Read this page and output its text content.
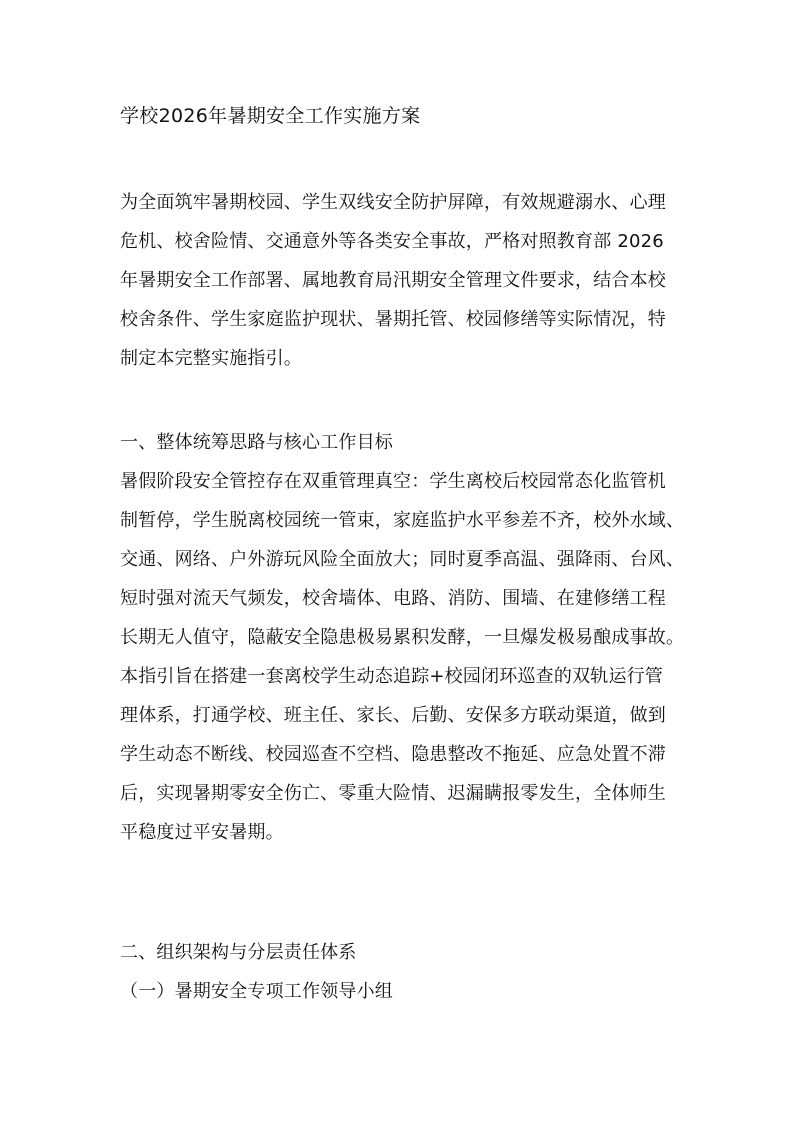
学校2026年暑期安全工作实施方案
为全面筑牢暑期校园、学生双线安全防护屏障，有效规避溺水、心理
危机、校舍险情、交通意外等各类安全事故，严格对照教育部 2026
年暑期安全工作部署、属地教育局汛期安全管理文件要求，结合本校
校舍条件、学生家庭监护现状、暑期托管、校园修缮等实际情况，特
制定本完整实施指引。
一、整体统筹思路与核心工作目标
暑假阶段安全管控存在双重管理真空：学生离校后校园常态化监管机
制暂停，学生脱离校园统一管束，家庭监护水平参差不齐，校外水域、
交通、网络、户外游玩风险全面放大；同时夏季高温、强降雨、台风、
短时强对流天气频发，校舍墙体、电路、消防、围墙、在建修缮工程
长期无人值守，隐蔽安全隐患极易累积发酵，一旦爆发极易酿成事故。
本指引旨在搭建一套离校学生动态追踪+校园闭环巡查的双轨运行管
理体系，打通学校、班主任、家长、后勤、安保多方联动渠道，做到
学生动态不断线、校园巡查不空档、隐患整改不拖延、应急处置不滞
后，实现暑期零安全伤亡、零重大险情、迟漏瞒报零发生，全体师生
平稳度过平安暑期。
二、组织架构与分层责任体系
（一）暑期安全专项工作领导小组
